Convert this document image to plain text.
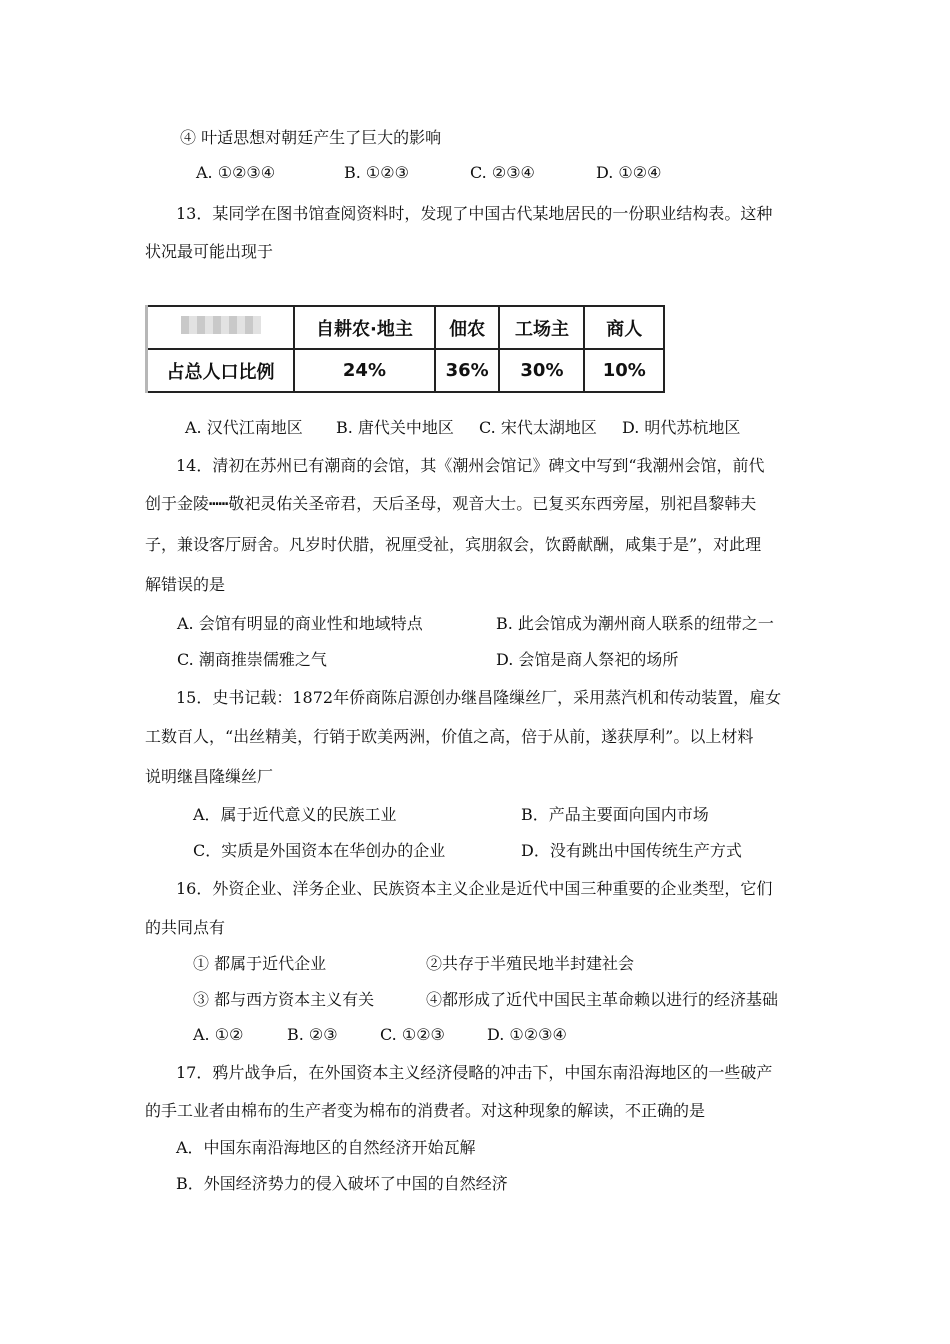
④ 叶适思想对朝廷产生了巨大的影响
A. ①②③④	B. ①②③	C. ②③④	D. ①②④
13．某同学在图书馆查阅资料时，发现了中国古代某地居民的一份职业结构表。这种
状况最可能出现于
	自耕农·地主	佃农	工场主	商人
占总人口比例	24%	36%	30%	10%
A. 汉代江南地区 B. 唐代关中地区 C. 宋代太湖地区 D. 明代苏杭地区
14．清初在苏州已有潮商的会馆，其《潮州会馆记》碑文中写到“我潮州会馆，前代
创于金陵┅┅敬祀灵佑关圣帝君，天后圣母，观音大士。已复买东西旁屋，别祀昌黎韩夫
子，兼设客厅厨舍。凡岁时伏腊，祝厘受祉，宾朋叙会，饮爵献酬，咸集于是”，对此理
解错误的是
A. 会馆有明显的商业性和地域特点	B. 此会馆成为潮州商人联系的纽带之一
C. 潮商推崇儒雅之气	D. 会馆是商人祭祀的场所
15．史书记载：1872年侨商陈启源创办继昌隆缫丝厂，采用蒸汽机和传动装置，雇女
工数百人，“出丝精美，行销于欧美两洲，价值之高，倍于从前，遂获厚利”。以上材料
说明继昌隆缫丝厂
A．属于近代意义的民族工业	B．产品主要面向国内市场
C．实质是外国资本在华创办的企业	D．没有跳出中国传统生产方式
16．外资企业、洋务企业、民族资本主义企业是近代中国三种重要的企业类型，它们
的共同点有
① 都属于近代企业	②共存于半殖民地半封建社会
③ 都与西方资本主义有关	④都形成了近代中国民主革命赖以进行的经济基础
A. ①②	B. ②③	C. ①②③	D. ①②③④
17．鸦片战争后，在外国资本主义经济侵略的冲击下，中国东南沿海地区的一些破产
的手工业者由棉布的生产者变为棉布的消费者。对这种现象的解读，不正确的是
A．中国东南沿海地区的自然经济开始瓦解
B．外国经济势力的侵入破坏了中国的自然经济
